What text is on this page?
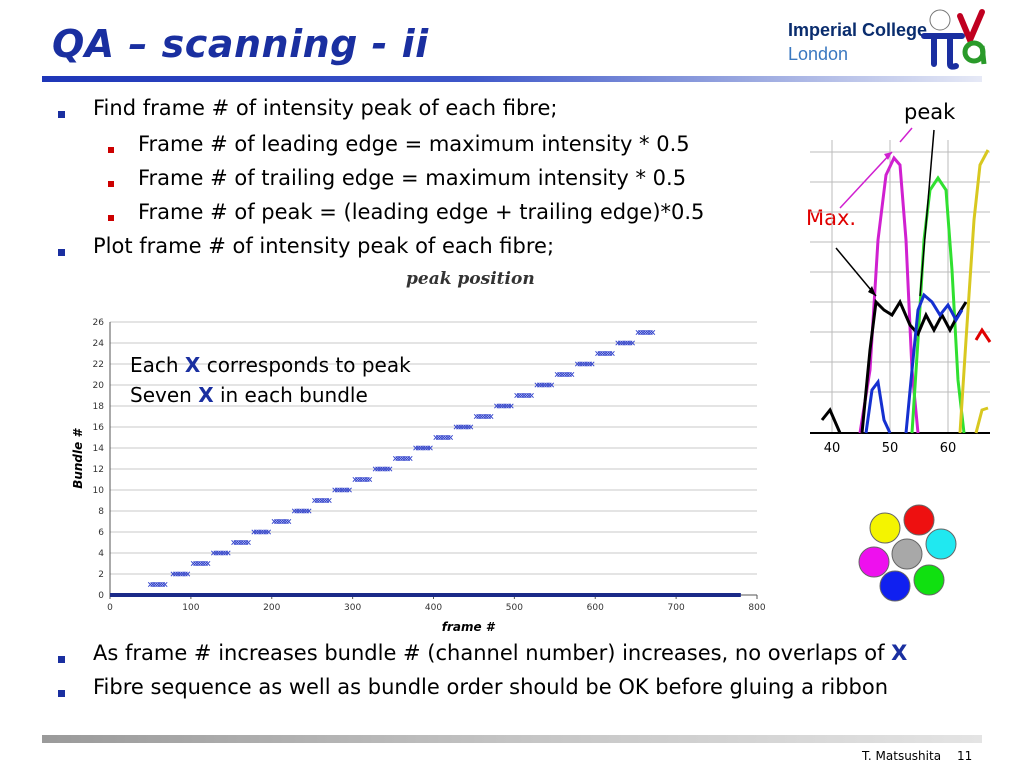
QA – scanning - ii	Imperial College
London
Find frame # of intensity peak of each fibre;
Frame # of leading edge = maximum intensity * 0.5
Frame # of trailing edge = maximum intensity * 0.5
Frame # of peak = (leading edge + trailing edge)*0.5
Plot frame # of intensity peak of each fibre;
As frame # increases bundle # (channel number) increases, no overlaps of X
Fibre sequence as well as bundle order should be OK before gluing a ribbon
peak
Max.
40	50	60
peak position
0
2
4
6
8
10
12
14
16
18
20
22
24
26
0	100	200	300	400	500	600	700	800
frame #
Bundle #
Each X corresponds to peak
Seven X in each bundle
T. Matsushita 11
